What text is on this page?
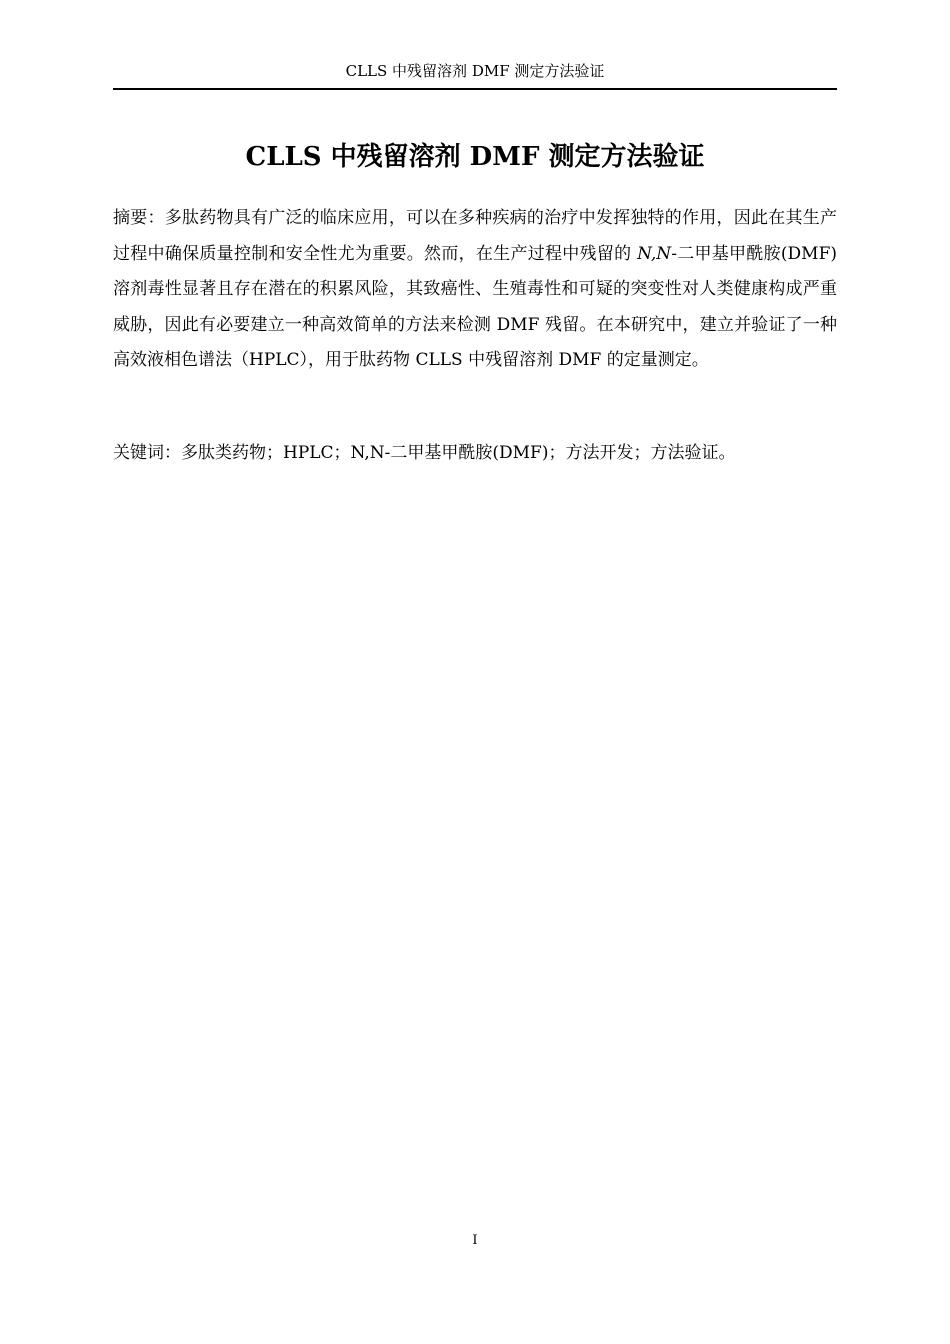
CLLS 中残留溶剂 DMF 测定方法验证
CLLS 中残留溶剂 DMF 测定方法验证

摘要：多肽药物具有广泛的临床应用，可以在多种疾病的治疗中发挥独特的作用，因此在其生产过程中确保质量控制和安全性尤为重要。然而，在生产过程中残留的 N,N-二甲基甲酰胺(DMF)溶剂毒性显著且存在潜在的积累风险，其致癌性、生殖毒性和可疑的突变性对人类健康构成严重威胁，因此有必要建立一种高效简单的方法来检测 DMF 残留。在本研究中，建立并验证了一种高效液相色谱法（HPLC），用于肽药物 CLLS 中残留溶剂 DMF 的定量测定。

关键词：多肽类药物；HPLC；N,N-二甲基甲酰胺(DMF)；方法开发；方法验证。

I
